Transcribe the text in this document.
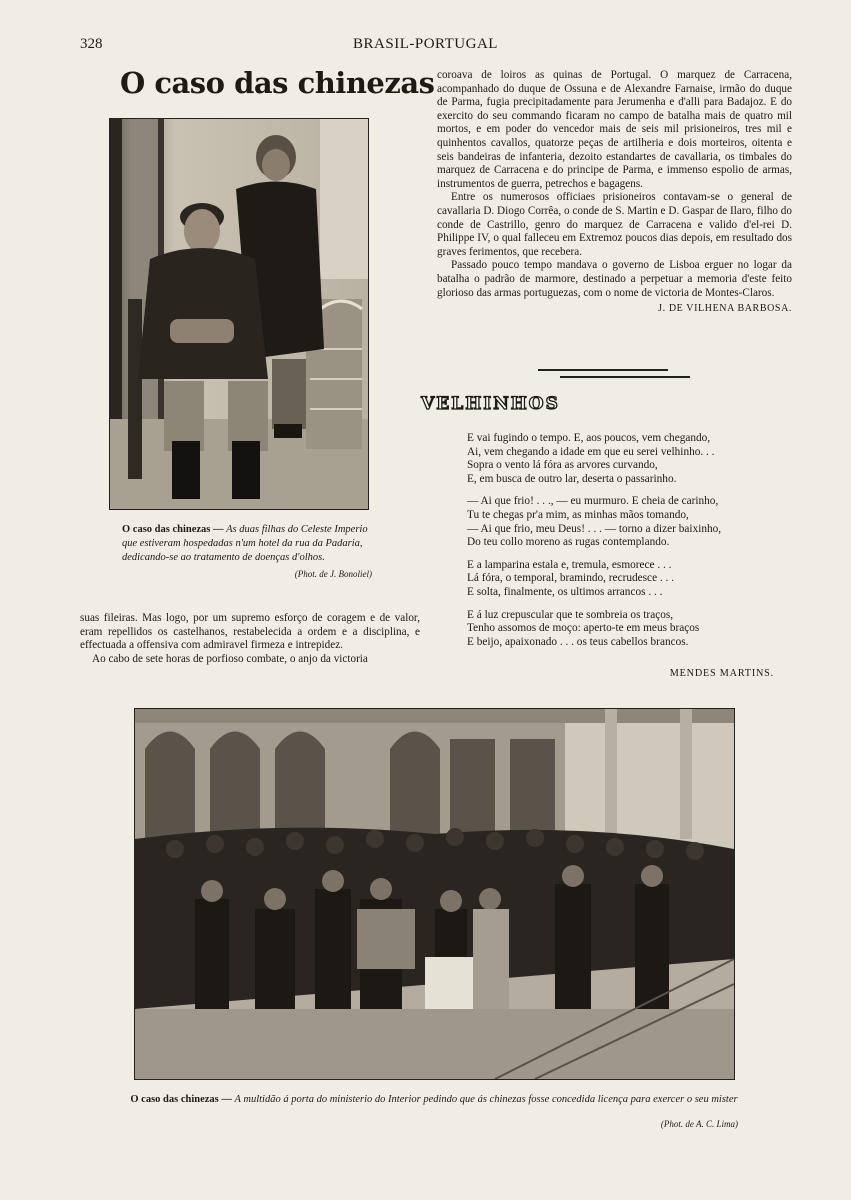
328	BRASIL-PORTUGAL
O caso das chinezas
O caso das chinezas — As duas filhas do Celeste Imperio que estiveram hospedadas n'um hotel da rua da Padaria, dedicando-se ao tratamento de doenças d'olhos.
(Phot. de J. Bonoliel)

suas fileiras. Mas logo, por um supremo esforço de coragem e de valor, eram repellidos os castelhanos, restabelecida a ordem e a disciplina, e effectuada a offensiva com admiravel firmeza e intrepidez.

Ao cabo de sete horas de porfioso combate, o anjo da victoria

coroava de loiros as quinas de Portugal. O marquez de Carracena, acompanhado do duque de Ossuna e de Alexandre Farnaise, irmão do duque de Parma, fugia precipitadamente para Jerumenha e d'alli para Badajoz. E do exercito do seu commando ficaram no campo de batalha mais de quatro mil mortos, e em poder do vencedor mais de seis mil prisioneiros, tres mil e quinhentos cavallos, quatorze peças de artilheria e dois morteiros, oitenta e seis bandeiras de infanteria, dezoito estandartes de cavallaria, os timbales do marquez de Carracena e do principe de Parma, e immenso espolio de armas, instrumentos de guerra, petrechos e bagagens.

Entre os numerosos officiaes prisioneiros contavam-se o general de cavallaria D. Diogo Corrêa, o conde de S. Martin e D. Gaspar de Ilaro, filho do conde de Castrillo, genro do marquez de Carracena e valido d'el-rei D. Philippe IV, o qual falleceu em Extremoz poucos dias depois, em resultado dos graves ferimentos, que recebera.

Passado pouco tempo mandava o governo de Lisboa erguer no logar da batalha o padrão de marmore, destinado a perpetuar a memoria d'este feito glorioso das armas portuguezas, com o nome de victoria de Montes-Claros.

J. DE VILHENA BARBOSA.
VELHINHOS
E vai fugindo o tempo. E, aos poucos, vem chegando,
Ai, vem chegando a idade em que eu serei velhinho. . .
Sopra o vento lá fóra as arvores curvando,
E, em busca de outro lar, deserta o passarinho.
— Ai que frio! . . ., — eu murmuro. E cheia de carinho,
Tu te chegas pr'a mim, as minhas mãos tomando,
— Ai que frio, meu Deus! . . . — torno a dizer baixinho,
Do teu collo moreno as rugas contemplando.
E a lamparina estala e, tremula, esmorece . . .
Lá fóra, o temporal, bramindo, recrudesce . . .
E solta, finalmente, os ultimos arrancos . . .
E á luz crepuscular que te sombreia os traços,
Tenho assomos de moço: aperto-te em meus braços
E beijo, apaixonado . . . os teus cabellos brancos.
MENDES MARTINS.
O caso das chinezas — A multidão á porta do ministerio do Interior pedindo que ás chinezas fosse concedida licença para exercer o seu mister
(Phot. de A. C. Lima)
